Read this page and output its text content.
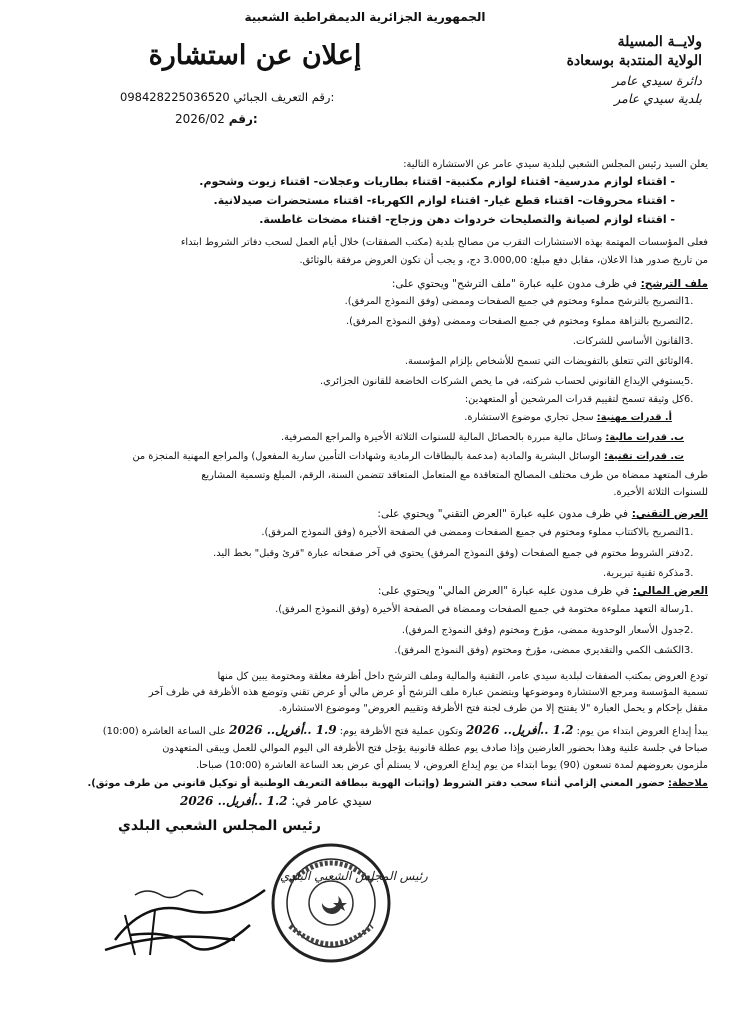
الجمهورية الجزائرية الديمقراطية الشعبية
إعلان عن استشارة	ولايــة المسيلة
الولاية المنتدبة بوسعادة
دائرة سيدي عامر
بلدية سيدي عامر
098428225036520 رقم التعريف الجبائي:
2026/02 رقم:
يعلن السيد رئيس المجلس الشعبي لبلدية سيدي عامر عن الاستشارة التالية:
- اقتناء لوازم مدرسية- اقتناء لوازم مكتبية- اقتناء بطاريات وعجلات- اقتناء زيوت وشحوم.
- اقتناء محروقات- اقتناء قطع غيار- اقتناء لوازم الكهرباء- اقتناء مستحضرات صيدلانية.
- اقتناء لوازم لصيانة والتصليحات خردوات دهن وزجاج- اقتناء مضخات غاطسة.
فعلى المؤسسات المهتمة بهذه الاستشارات التقرب من مصالح بلدية (مكتب الصفقات) خلال أيام العمل لسحب دفاتر الشروط ابتداء
من تاريخ صدور هذا الاعلان، مقابل دفع مبلغ: 3.000,00 دج، و يجب أن تكون العروض مرفقة بالوثائق.
ملف الترشح: في ظرف مدون عليه عبارة "ملف الترشح" ويحتوي على:
.1التصريح بالترشح مملوء ومختوم في جميع الصفحات وممضى (وفق النموذج المرفق).
.2التصريح بالنزاهة مملوء ومختوم في جميع الصفحات وممضى (وفق النموذج المرفق).
.3القانون الأساسي للشركات.
.4الوثائق التي تتعلق بالتفويضات التي تسمح للأشخاص بإلزام المؤسسة.
.5يستوفي الإيداع القانوني لحساب شركته، في ما يخص الشركات الخاضعة للقانون الجزائري.
.6كل وثيقة تسمح لتقييم قدرات المرشحين أو المتعهدين:
أ. قدرات مهنية: سجل تجاري موضوع الاستشارة.
ب. قدرات مالية: وسائل مالية مبررة بالحصائل المالية للسنوات الثلاثة الأخيرة والمراجع المصرفية.
ت. قدرات تقنية: الوسائل البشرية والمادية (مدعمة بالبطاقات الرمادية وشهادات التأمين سارية المفعول) والمراجع المهنية المنجزة من
طرف المتعهد ممضاة من طرف مختلف المصالح المتعاقدة مع المتعامل المتعاقد تتضمن السنة، الرقم، المبلغ وتسمية المشاريع
للسنوات الثلاثة الأخيرة.
العرض التقني: في ظرف مدون عليه عبارة "العرض التقني" ويحتوي على:
.1التصريح بالاكتتاب مملوء ومختوم في جميع الصفحات وممضى في الصفحة الأخيرة (وفق النموذج المرفق).
.2دفتر الشروط مختوم في جميع الصفحات (وفق النموذج المرفق) يحتوي في آخر صفحاته عبارة "قرئ وقبل" بخط اليد.
.3مذكرة تقنية تبريرية.
العرض المالي: في ظرف مدون عليه عبارة "العرض المالي" ويحتوي على:
.1رسالة التعهد مملوءة مختومة في جميع الصفحات وممضاة في الصفحة الأخيرة (وفق النموذج المرفق).
.2جدول الأسعار الوحدوية ممضى، مؤرخ ومختوم (وفق النموذج المرفق).
.3الكشف الكمي والتقديري ممضى، مؤرخ ومختوم (وفق النموذج المرفق).
تودع العروض بمكتب الصفقات لبلدية سيدي عامر، التقنية والمالية وملف الترشح داخل أظرفة مغلقة ومختومة يبين كل منها
تسمية المؤسسة ومرجع الاستشارة وموضوعها ويتضمن عبارة ملف الترشح أو عرض مالي أو عرض تقني وتوضع هذه الأظرفة في ظرف آخر
مقفل بإحكام و يحمل العبارة "لا يفتتح إلا من طرف لجنة فتح الأظرفة وتقييم العروض" وموضوع الاستشارة.
يبدأ إيداع العروض ابتداء من يوم: 1.2 ..أفريل.. 2026 وتكون عملية فتح الأظرفة يوم: 1.9 ..أفريل.. 2026 على الساعة العاشرة (10:00)
صباحا في جلسة علنية وهذا بحضور العارضين وإذا صادف يوم عطلة قانونية يؤجل فتح الأظرفة الى اليوم الموالي للعمل ويبقى المتعهدون
ملزمون بعروضهم لمدة تسعون (90) يوما ابتداء من يوم إيداع العروض، لا يستلم أي عرض بعد الساعة العاشرة (10:00) صباحا.
ملاحظة: حضور المعني إلزامي أثناء سحب دفتر الشروط (وإثبات الهوية ببطاقة التعريف الوطنية أو توكيل قانوني من طرف موثق).
سيدي عامر في: 1.2 ..أفريل.. 2026
رئيس المجلس الشعبي البلدي
رئيس المجلس الشعبي البلدي
